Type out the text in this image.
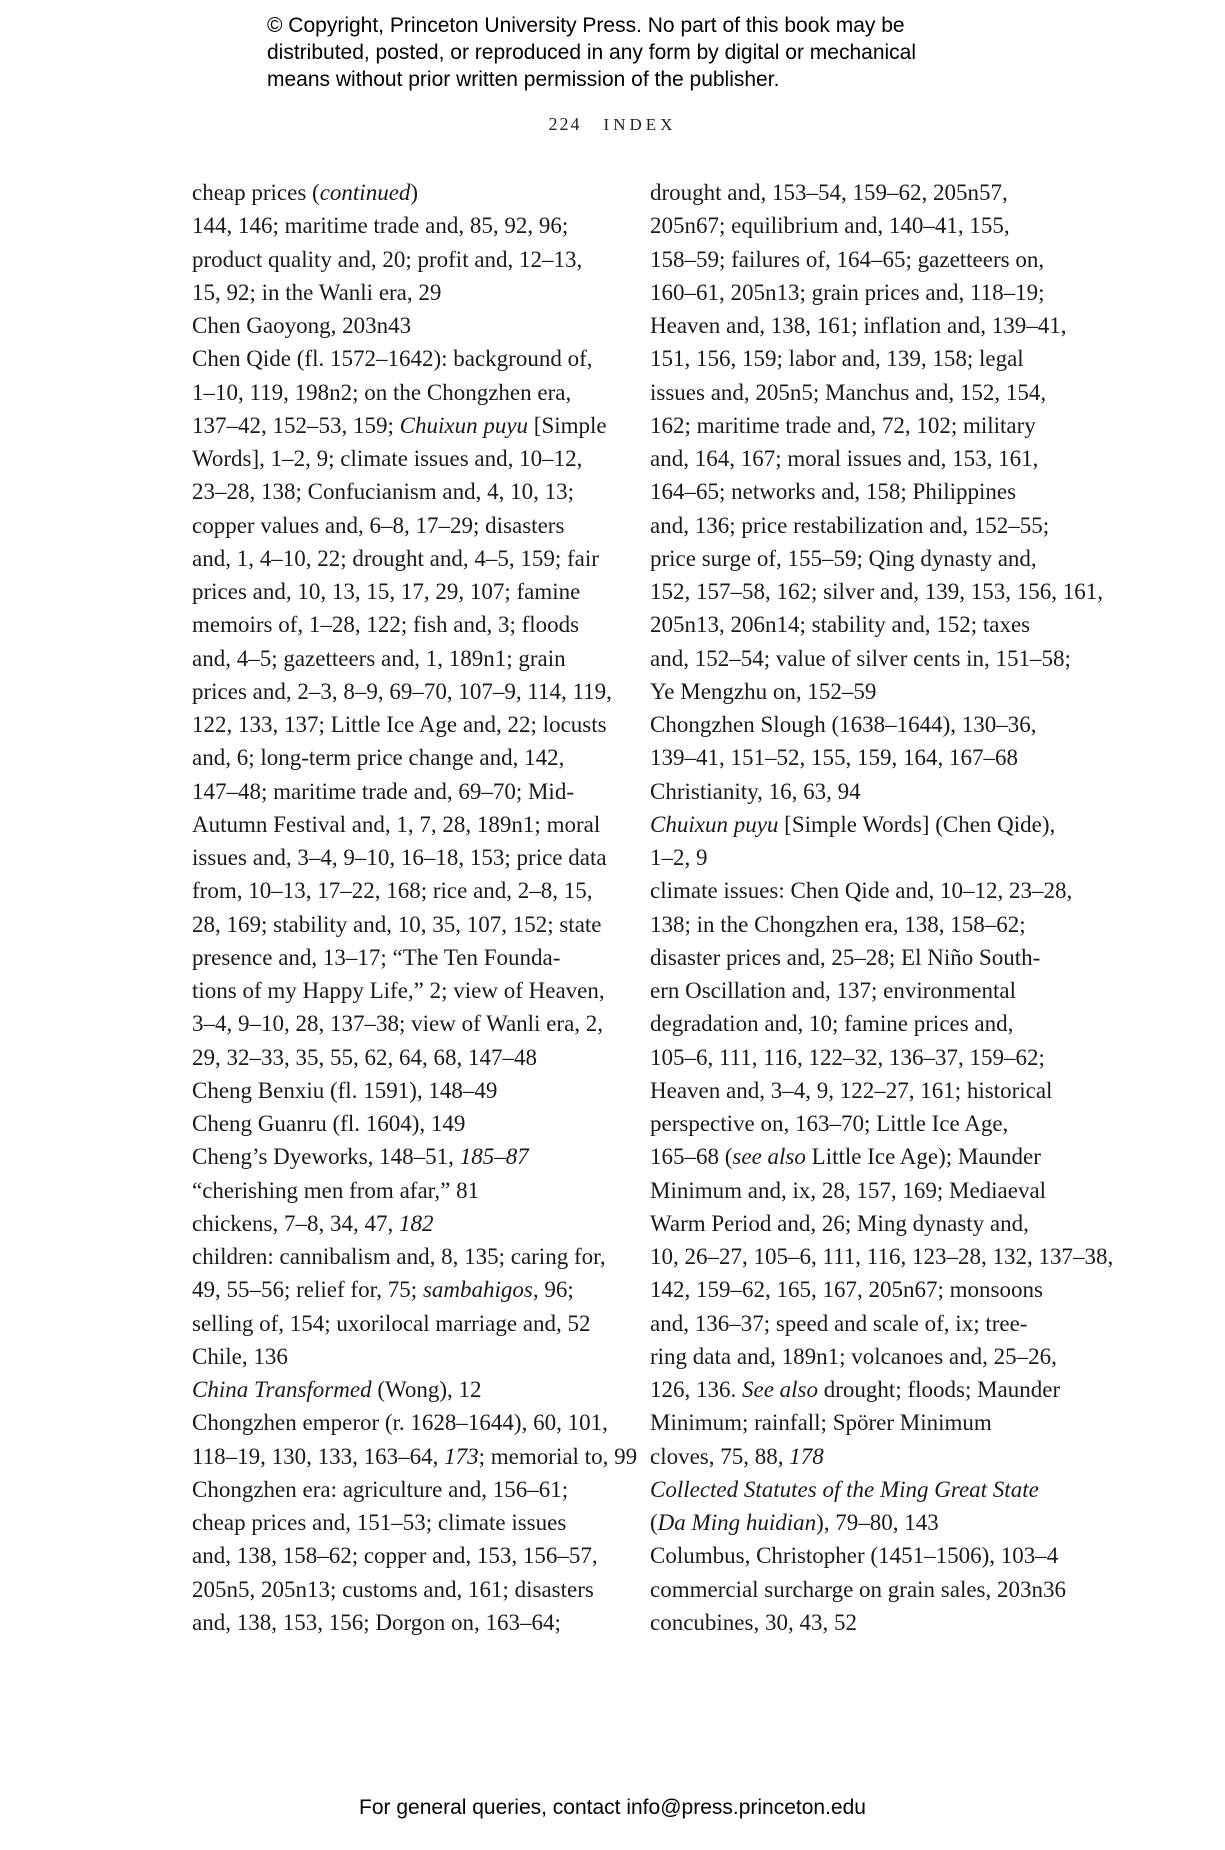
© Copyright, Princeton University Press. No part of this book may be
distributed, posted, or reproduced in any form by digital or mechanical
means without prior written permission of the publisher.
224 INDEX

cheap prices (continued)
144, 146; maritime trade and, 85, 92, 96;
product quality and, 20; profit and, 12–13,
15, 92; in the Wanli era, 29

Chen Gaoyong, 203n43

Chen Qide (fl. 1572–1642): background of,
1–10, 119, 198n2; on the Chongzhen era,
137–42, 152–53, 159; Chuixun puyu [Simple
Words], 1–2, 9; climate issues and, 10–12,
23–28, 138; Confucianism and, 4, 10, 13;
copper values and, 6–8, 17–29; disasters
and, 1, 4–10, 22; drought and, 4–5, 159; fair
prices and, 10, 13, 15, 17, 29, 107; famine
memoirs of, 1–28, 122; fish and, 3; floods
and, 4–5; gazetteers and, 1, 189n1; grain
prices and, 2–3, 8–9, 69–70, 107–9, 114, 119,
122, 133, 137; Little Ice Age and, 22; locusts
and, 6; long-term price change and, 142,
147–48; maritime trade and, 69–70; Mid-
Autumn Festival and, 1, 7, 28, 189n1; moral
issues and, 3–4, 9–10, 16–18, 153; price data
from, 10–13, 17–22, 168; rice and, 2–8, 15,
28, 169; stability and, 10, 35, 107, 152; state
presence and, 13–17; “The Ten Founda-
tions of my Happy Life,” 2; view of Heaven,
3–4, 9–10, 28, 137–38; view of Wanli era, 2,
29, 32–33, 35, 55, 62, 64, 68, 147–48

Cheng Benxiu (fl. 1591), 148–49

Cheng Guanru (fl. 1604), 149

Cheng’s Dyeworks, 148–51, 185–87

“cherishing men from afar,” 81

chickens, 7–8, 34, 47, 182

children: cannibalism and, 8, 135; caring for,
49, 55–56; relief for, 75; sambahigos, 96;
selling of, 154; uxorilocal marriage and, 52

Chile, 136

China Transformed (Wong), 12

Chongzhen emperor (r. 1628–1644), 60, 101,
118–19, 130, 133, 163–64, 173; memorial to, 99

Chongzhen era: agriculture and, 156–61;
cheap prices and, 151–53; climate issues
and, 138, 158–62; copper and, 153, 156–57,
205n5, 205n13; customs and, 161; disasters
and, 138, 153, 156; Dorgon on, 163–64;

drought and, 153–54, 159–62, 205n57,
205n67; equilibrium and, 140–41, 155,
158–59; failures of, 164–65; gazetteers on,
160–61, 205n13; grain prices and, 118–19;
Heaven and, 138, 161; inflation and, 139–41,
151, 156, 159; labor and, 139, 158; legal
issues and, 205n5; Manchus and, 152, 154,
162; maritime trade and, 72, 102; military
and, 164, 167; moral issues and, 153, 161,
164–65; networks and, 158; Philippines
and, 136; price restabilization and, 152–55;
price surge of, 155–59; Qing dynasty and,
152, 157–58, 162; silver and, 139, 153, 156, 161,
205n13, 206n14; stability and, 152; taxes
and, 152–54; value of silver cents in, 151–58;
Ye Mengzhu on, 152–59

Chongzhen Slough (1638–1644), 130–36,
139–41, 151–52, 155, 159, 164, 167–68

Christianity, 16, 63, 94

Chuixun puyu [Simple Words] (Chen Qide),
1–2, 9

climate issues: Chen Qide and, 10–12, 23–28,
138; in the Chongzhen era, 138, 158–62;
disaster prices and, 25–28; El Niño South-
ern Oscillation and, 137; environmental
degradation and, 10; famine prices and,
105–6, 111, 116, 122–32, 136–37, 159–62;
Heaven and, 3–4, 9, 122–27, 161; historical
perspective on, 163–70; Little Ice Age,
165–68 (see also Little Ice Age); Maunder
Minimum and, ix, 28, 157, 169; Mediaeval
Warm Period and, 26; Ming dynasty and,
10, 26–27, 105–6, 111, 116, 123–28, 132, 137–38,
142, 159–62, 165, 167, 205n67; monsoons
and, 136–37; speed and scale of, ix; tree-
ring data and, 189n1; volcanoes and, 25–26,
126, 136. See also drought; floods; Maunder
Minimum; rainfall; Spörer Minimum

cloves, 75, 88, 178

Collected Statutes of the Ming Great State
(Da Ming huidian), 79–80, 143

Columbus, Christopher (1451–1506), 103–4

commercial surcharge on grain sales, 203n36

concubines, 30, 43, 52

For general queries, contact info@press.princeton.edu
